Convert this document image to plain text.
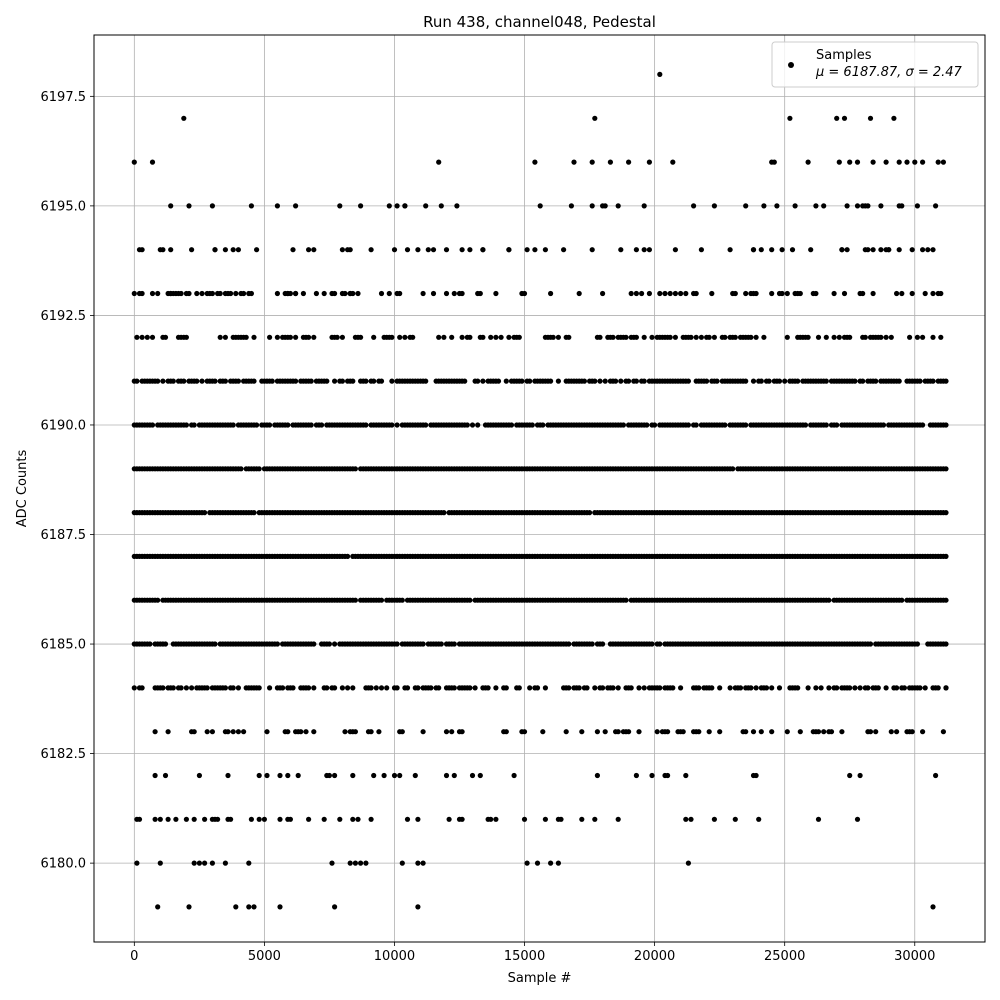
Run 438, channel048, Pedestal
0	5000	10000	15000	20000	25000	30000
6180.0
6182.5
6185.0
6187.5
6190.0
6192.5
6195.0
6197.5
Sample #
ADC Counts
Samples
μ = 6187.87, σ = 2.47
